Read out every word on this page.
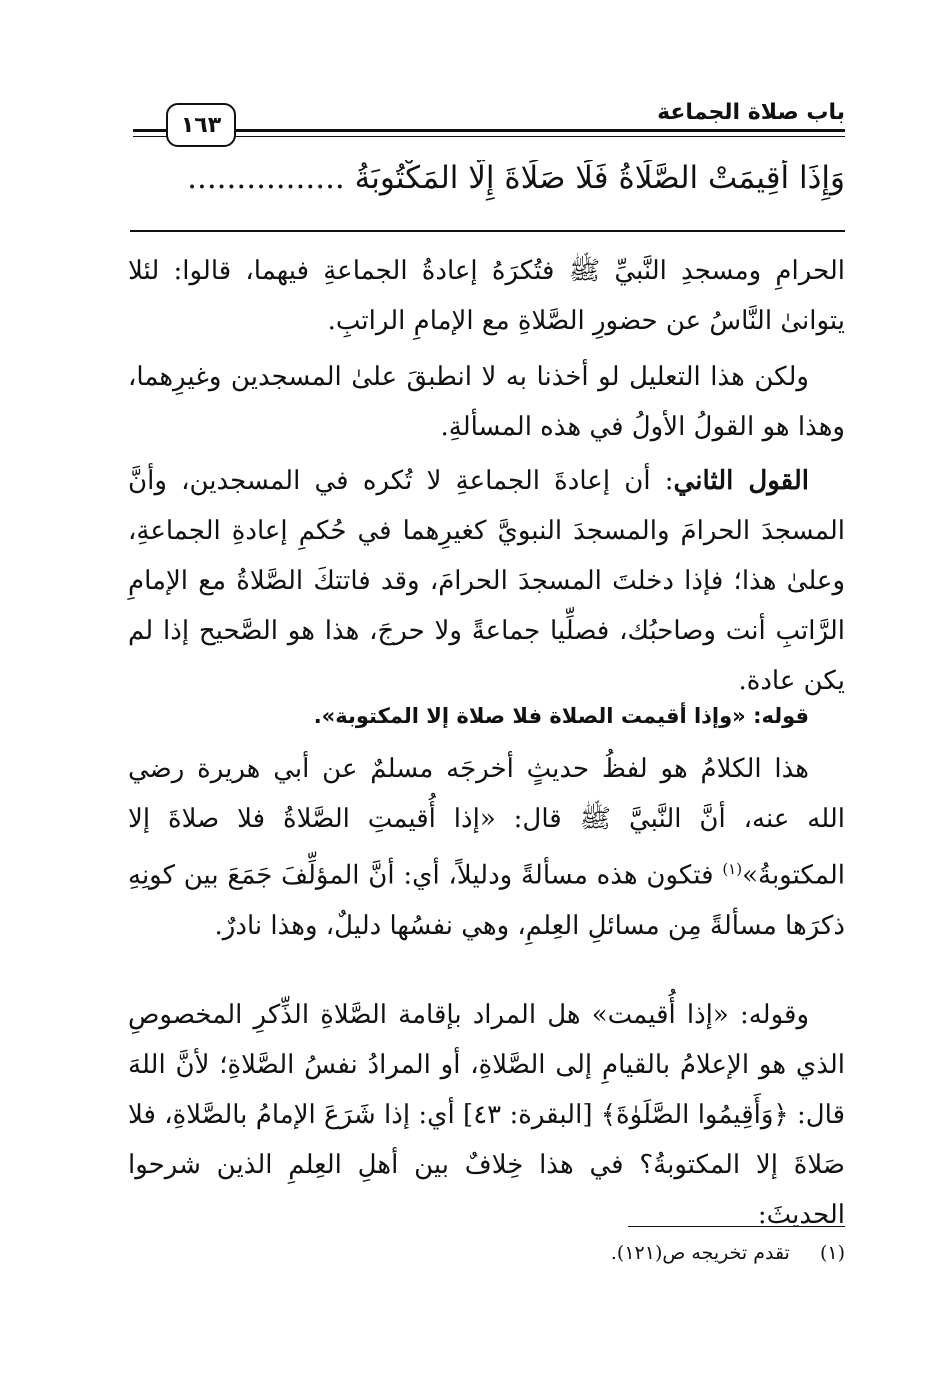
باب صلاة الجماعة
١٦٣
وَإِذَا أُقِيمَتْ الصَّلَاةُ فَلَا صَلَاةَ إِلَّا المَكْتُوبَةُ ................
الحرامِ ومسجدِ النَّبيِّ ﷺ فتُكرَهُ إعادةُ الجماعةِ فيهما، قالوا: لئلا يتوانىٰ النَّاسُ عن حضورِ الصَّلاةِ مع الإمامِ الراتبِ.
ولكن هذا التعليل لو أخذنا به لا انطبقَ علىٰ المسجدين وغيرِهما، وهذا هو القولُ الأولُ في هذه المسألةِ.
القول الثاني: أن إعادةَ الجماعةِ لا تُكره في المسجدين، وأنَّ المسجدَ الحرامَ والمسجدَ النبويَّ كغيرِهما في حُكمِ إعادةِ الجماعةِ، وعلىٰ هذا؛ فإذا دخلتَ المسجدَ الحرامَ، وقد فاتتكَ الصَّلاةُ مع الإمامِ الرَّاتبِ أنت وصاحبُك، فصلِّيا جماعةً ولا حرجَ، هذا هو الصَّحيح إذا لم يكن عادة.
قوله: «وإذا أقيمت الصلاة فلا صلاة إلا المكتوبة».
هذا الكلامُ هو لفظُ حديثٍ أخرجَه مسلمٌ عن أبي هريرة رضي الله عنه، أنَّ النَّبيَّ ﷺ قال: «إذا أُقيمتِ الصَّلاةُ فلا صلاةَ إلا المكتوبةُ»$^{(١)}$ فتكون هذه مسألةً ودليلاً، أي: أنَّ المؤلِّفَ جَمَعَ بين كونِهِ ذكرَها مسألةً مِن مسائلِ العِلمِ، وهي نفسُها دليلٌ، وهذا نادرٌ.
وقوله: «إذا أُقيمت» هل المراد بإقامة الصَّلاةِ الذِّكرِ المخصوصِ الذي هو الإعلامُ بالقيامِ إلى الصَّلاةِ، أو المرادُ نفسُ الصَّلاةِ؛ لأنَّ اللهَ قال: ﴿وَأَقِيمُوا الصَّلَوٰةَ﴾ [البقرة: ٤٣] أي: إذا شَرَعَ الإمامُ بالصَّلاةِ، فلا صَلاةَ إلا المكتوبةُ؟ في هذا خِلافٌ بين أهلِ العِلمِ الذين شرحوا الحديثَ:
(١)  تقدم تخريجه ص(١٢١).
